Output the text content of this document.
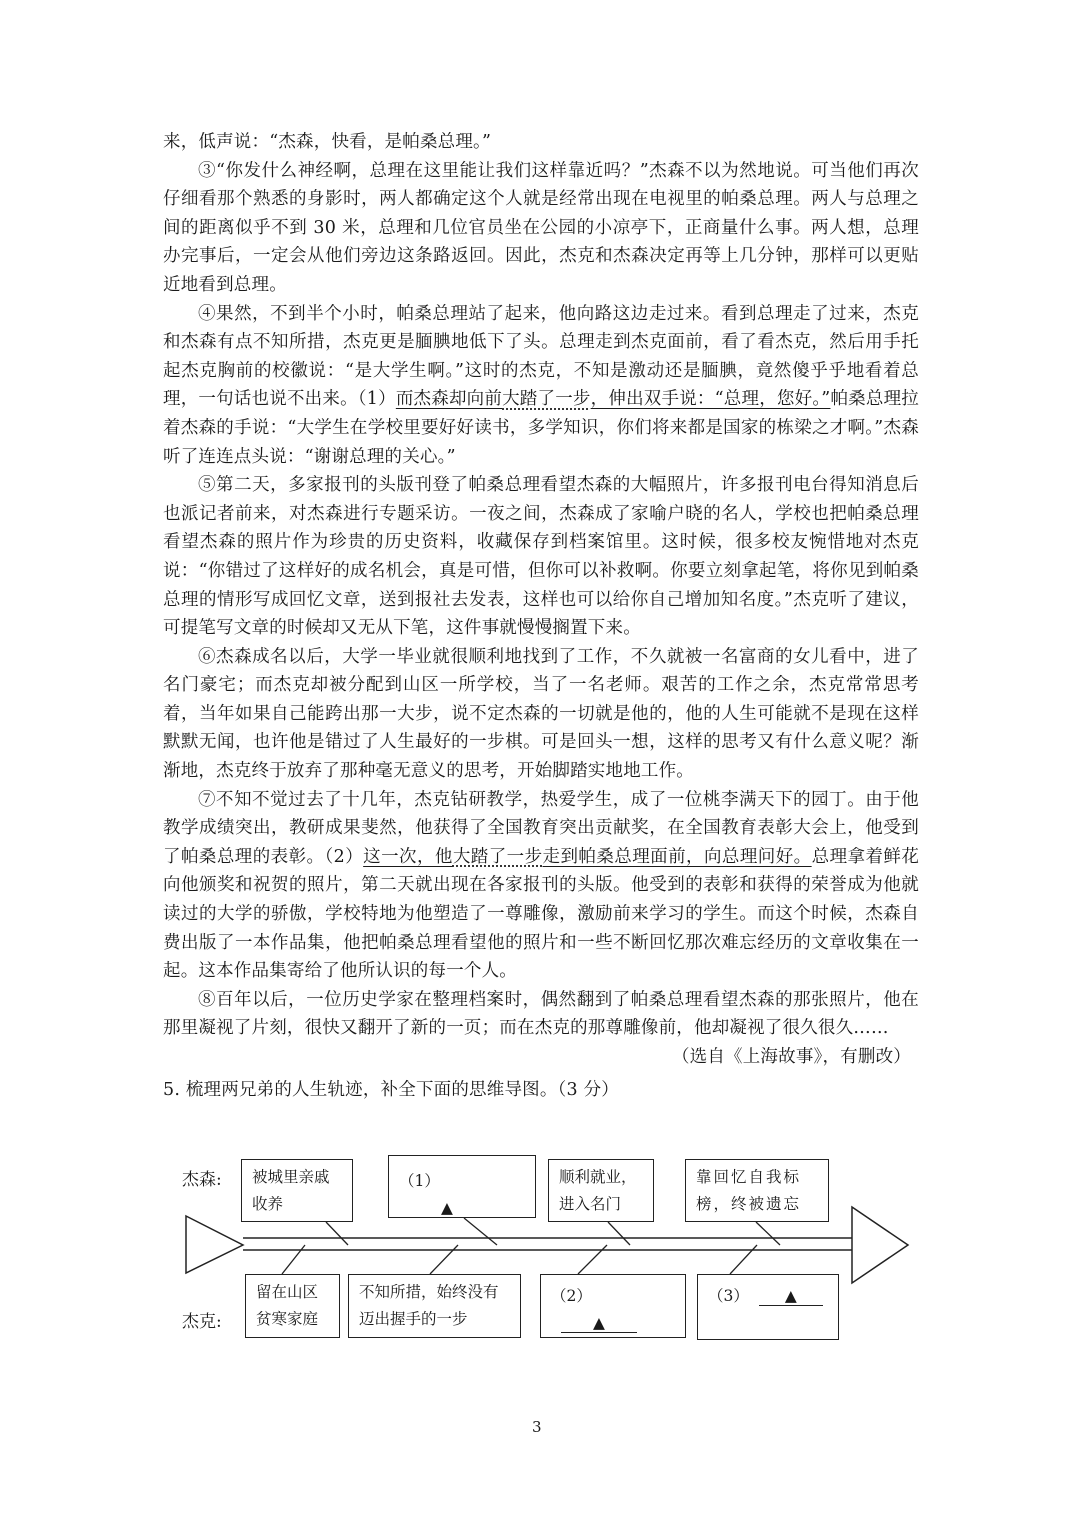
来，低声说：“杰森，快看，是帕桑总理。”

③“你发什么神经啊，总理在这里能让我们这样靠近吗？”杰森不以为然地说。可当他们再次仔细看那个熟悉的身影时，两人都确定这个人就是经常出现在电视里的帕桑总理。两人与总理之间的距离似乎不到 30 米，总理和几位官员坐在公园的小凉亭下，正商量什么事。两人想，总理办完事后，一定会从他们旁边这条路返回。因此，杰克和杰森决定再等上几分钟，那样可以更贴近地看到总理。

④果然，不到半个小时，帕桑总理站了起来，他向路这边走过来。看到总理走了过来，杰克和杰森有点不知所措，杰克更是腼腆地低下了头。总理走到杰克面前，看了看杰克，然后用手托起杰克胸前的校徽说：“是大学生啊。”这时的杰克，不知是激动还是腼腆，竟然傻乎乎地看着总理，一句话也说不出来。（1）而杰森却向前大踏了一步，伸出双手说：“总理，您好。”帕桑总理拉着杰森的手说：“大学生在学校里要好好读书，多学知识，你们将来都是国家的栋梁之才啊。”杰森听了连连点头说：“谢谢总理的关心。”

⑤第二天，多家报刊的头版刊登了帕桑总理看望杰森的大幅照片，许多报刊电台得知消息后也派记者前来，对杰森进行专题采访。一夜之间，杰森成了家喻户晓的名人，学校也把帕桑总理看望杰森的照片作为珍贵的历史资料，收藏保存到档案馆里。这时候，很多校友惋惜地对杰克说：“你错过了这样好的成名机会，真是可惜，但你可以补救啊。你要立刻拿起笔，将你见到帕桑总理的情形写成回忆文章，送到报社去发表，这样也可以给你自己增加知名度。”杰克听了建议，可提笔写文章的时候却又无从下笔，这件事就慢慢搁置下来。

⑥杰森成名以后，大学一毕业就很顺利地找到了工作，不久就被一名富商的女儿看中，进了名门豪宅；而杰克却被分配到山区一所学校，当了一名老师。艰苦的工作之余，杰克常常思考着，当年如果自己能跨出那一大步，说不定杰森的一切就是他的，他的人生可能就不是现在这样默默无闻，也许他是错过了人生最好的一步棋。可是回头一想，这样的思考又有什么意义呢？渐渐地，杰克终于放弃了那种毫无意义的思考，开始脚踏实地地工作。

⑦不知不觉过去了十几年，杰克钻研教学，热爱学生，成了一位桃李满天下的园丁。由于他教学成绩突出，教研成果斐然，他获得了全国教育突出贡献奖，在全国教育表彰大会上，他受到了帕桑总理的表彰。（2）这一次，他大踏了一步走到帕桑总理面前，向总理问好。总理拿着鲜花向他颁奖和祝贺的照片，第二天就出现在各家报刊的头版。他受到的表彰和获得的荣誉成为他就读过的大学的骄傲，学校特地为他塑造了一尊雕像，激励前来学习的学生。而这个时候，杰森自费出版了一本作品集，他把帕桑总理看望他的照片和一些不断回忆那次难忘经历的文章收集在一起。这本作品集寄给了他所认识的每一个人。

⑧百年以后，一位历史学家在整理档案时，偶然翻到了帕桑总理看望杰森的那张照片，他在那里凝视了片刻，很快又翻开了新的一页；而在杰克的那尊雕像前，他却凝视了很久很久……

（选自《上海故事》，有删改）

5. 梳理两兄弟的人生轨迹，补全下面的思维导图。（3 分）

杰森:
杰克:
被城里亲戚
收养
（1）▲
顺利就业，
进入名门
靠回忆自我标
榜，终被遗忘
留在山区
贫寒家庭
不知所措，始终没有
迈出握手的一步
（2）▲
（3） ▲
3
